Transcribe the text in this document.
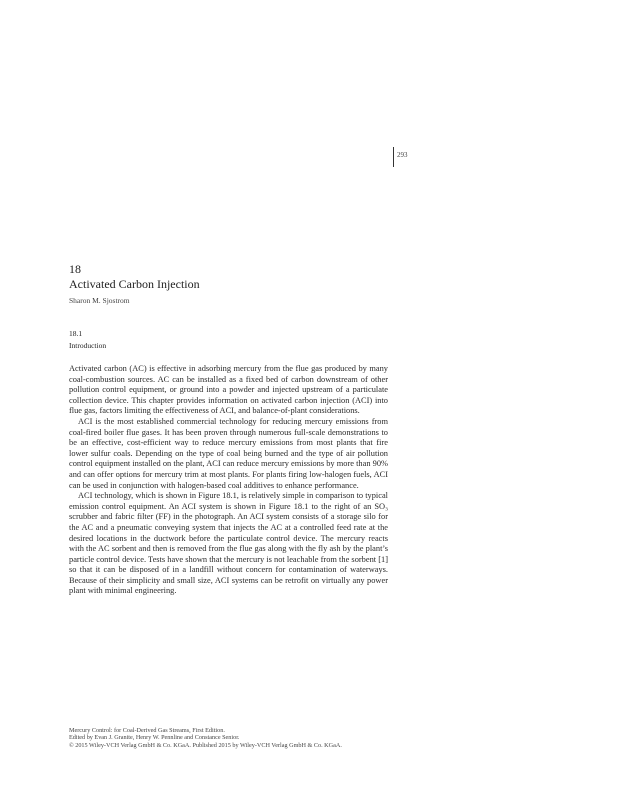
293
18
Activated Carbon Injection
Sharon M. Sjostrom
18.1
Introduction

Activated carbon (AC) is effective in adsorbing mercury from the flue gas produced by many coal-combustion sources. AC can be installed as a fixed bed of carbon downstream of other pollution control equipment, or ground into a powder and injected upstream of a particulate collection device. This chapter provides information on activated carbon injection (ACI) into flue gas, factors limiting the effectiveness of ACI, and balance-of-plant considerations.

ACI is the most established commercial technology for reducing mercury emissions from coal-fired boiler flue gases. It has been proven through numerous full-scale demonstrations to be an effective, cost-efficient way to reduce mercury emissions from most plants that fire lower sulfur coals. Depending on the type of coal being burned and the type of air pollution control equipment installed on the plant, ACI can reduce mercury emissions by more than 90% and can offer options for mercury trim at most plants. For plants firing low-halogen fuels, ACI can be used in conjunction with halogen-based coal additives to enhance performance.

ACI technology, which is shown in Figure 18.1, is relatively simple in comparison to typical emission control equipment. An ACI system is shown in Figure 18.1 to the right of an SO₃ scrubber and fabric filter (FF) in the photograph. An ACI system consists of a storage silo for the AC and a pneumatic conveying system that injects the AC at a controlled feed rate at the desired locations in the ductwork before the particulate control device. The mercury reacts with the AC sorbent and then is removed from the flue gas along with the fly ash by the plant’s particle control device. Tests have shown that the mercury is not leachable from the sorbent [1] so that it can be disposed of in a landfill without concern for contamination of waterways. Because of their simplicity and small size, ACI systems can be retrofit on virtually any power plant with minimal engineering.

Mercury Control: for Coal-Derived Gas Streams, First Edition.
Edited by Evan J. Granite, Henry W. Pennline and Constance Senior.
© 2015 Wiley-VCH Verlag GmbH & Co. KGaA. Published 2015 by Wiley-VCH Verlag GmbH & Co. KGaA.
